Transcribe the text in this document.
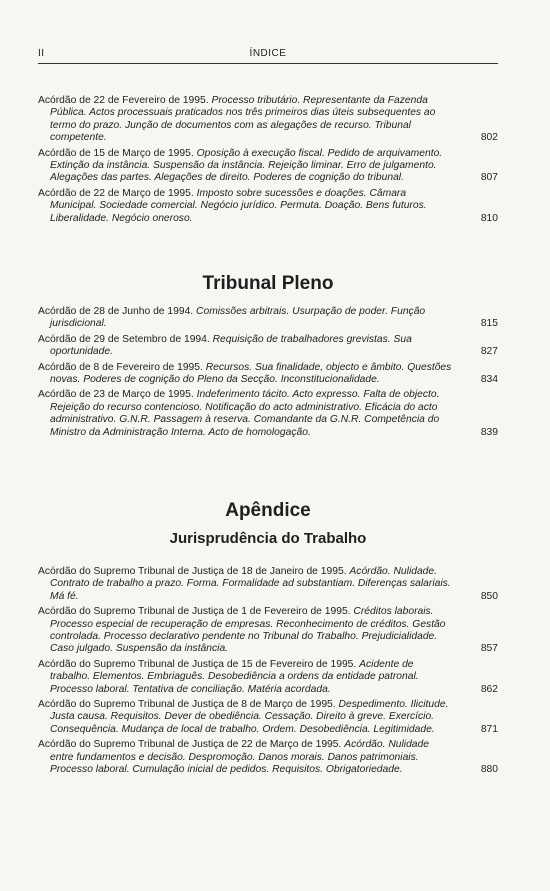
II	ÍNDICE
Acórdão de 22 de Fevereiro de 1995. Processo tributário. Representante da Fazenda Pública. Actos processuais praticados nos três primeiros dias úteis subsequentes ao termo do prazo. Junção de documentos com as alegações de recurso. Tribunal competente.	802
Acórdão de 15 de Março de 1995. Oposição à execução fiscal. Pedido de arquivamento. Extinção da instância. Suspensão da instância. Rejeição liminar. Erro de julgamento. Alegações das partes. Alegações de direito. Poderes de cognição do tribunal.	807
Acórdão de 22 de Março de 1995. Imposto sobre sucessões e doações. Câmara Municipal. Sociedade comercial. Negócio jurídico. Permuta. Doação. Bens futuros. Liberalidade. Negócio oneroso.	810
Tribunal Pleno
Acórdão de 28 de Junho de 1994. Comissões arbitrais. Usurpação de poder. Função jurisdicional.	815
Acórdão de 29 de Setembro de 1994. Requisição de trabalhadores grevistas. Sua oportunidade.	827
Acórdão de 8 de Fevereiro de 1995. Recursos. Sua finalidade, objecto e âmbito. Questões novas. Poderes de cognição do Pleno da Secção. Inconstitucionalidade.	834
Acórdão de 23 de Março de 1995. Indeferimento tácito. Acto expresso. Falta de objecto. Rejeição do recurso contencioso. Notificação do acto administrativo. Eficácia do acto administrativo. G.N.R. Passagem à reserva. Comandante da G.N.R. Competência do Ministro da Administração Interna. Acto de homologação.	839
Apêndice
Jurisprudência do Trabalho
Acórdão do Supremo Tribunal de Justiça de 18 de Janeiro de 1995. Acórdão. Nulidade. Contrato de trabalho a prazo. Forma. Formalidade ad substantiam. Diferenças salariais. Má fé.	850
Acórdão do Supremo Tribunal de Justiça de 1 de Fevereiro de 1995. Créditos laborais. Processo especial de recuperação de empresas. Reconhecimento de créditos. Gestão controlada. Processo declarativo pendente no Tribunal do Trabalho. Prejudicialidade. Caso julgado. Suspensão da instância.	857
Acórdão do Supremo Tribunal de Justiça de 15 de Fevereiro de 1995. Acidente de trabalho. Elementos. Embriaguês. Desobediência a ordens da entidade patronal. Processo laboral. Tentativa de conciliação. Matéria acordada.	862
Acórdão do Supremo Tribunal de Justiça de 8 de Março de 1995. Despedimento. Ilicitude. Justa causa. Requisitos. Dever de obediência. Cessação. Direito à greve. Exercício. Consequência. Mudança de local de trabalho. Ordem. Desobediência. Legitimidade.	871
Acórdão do Supremo Tribunal de Justiça de 22 de Março de 1995. Acórdão. Nulidade entre fundamentos e decisão. Despromoção. Danos morais. Danos patrimoniais. Processo laboral. Cumulação inicial de pedidos. Requisitos. Obrigatoriedade.	880
